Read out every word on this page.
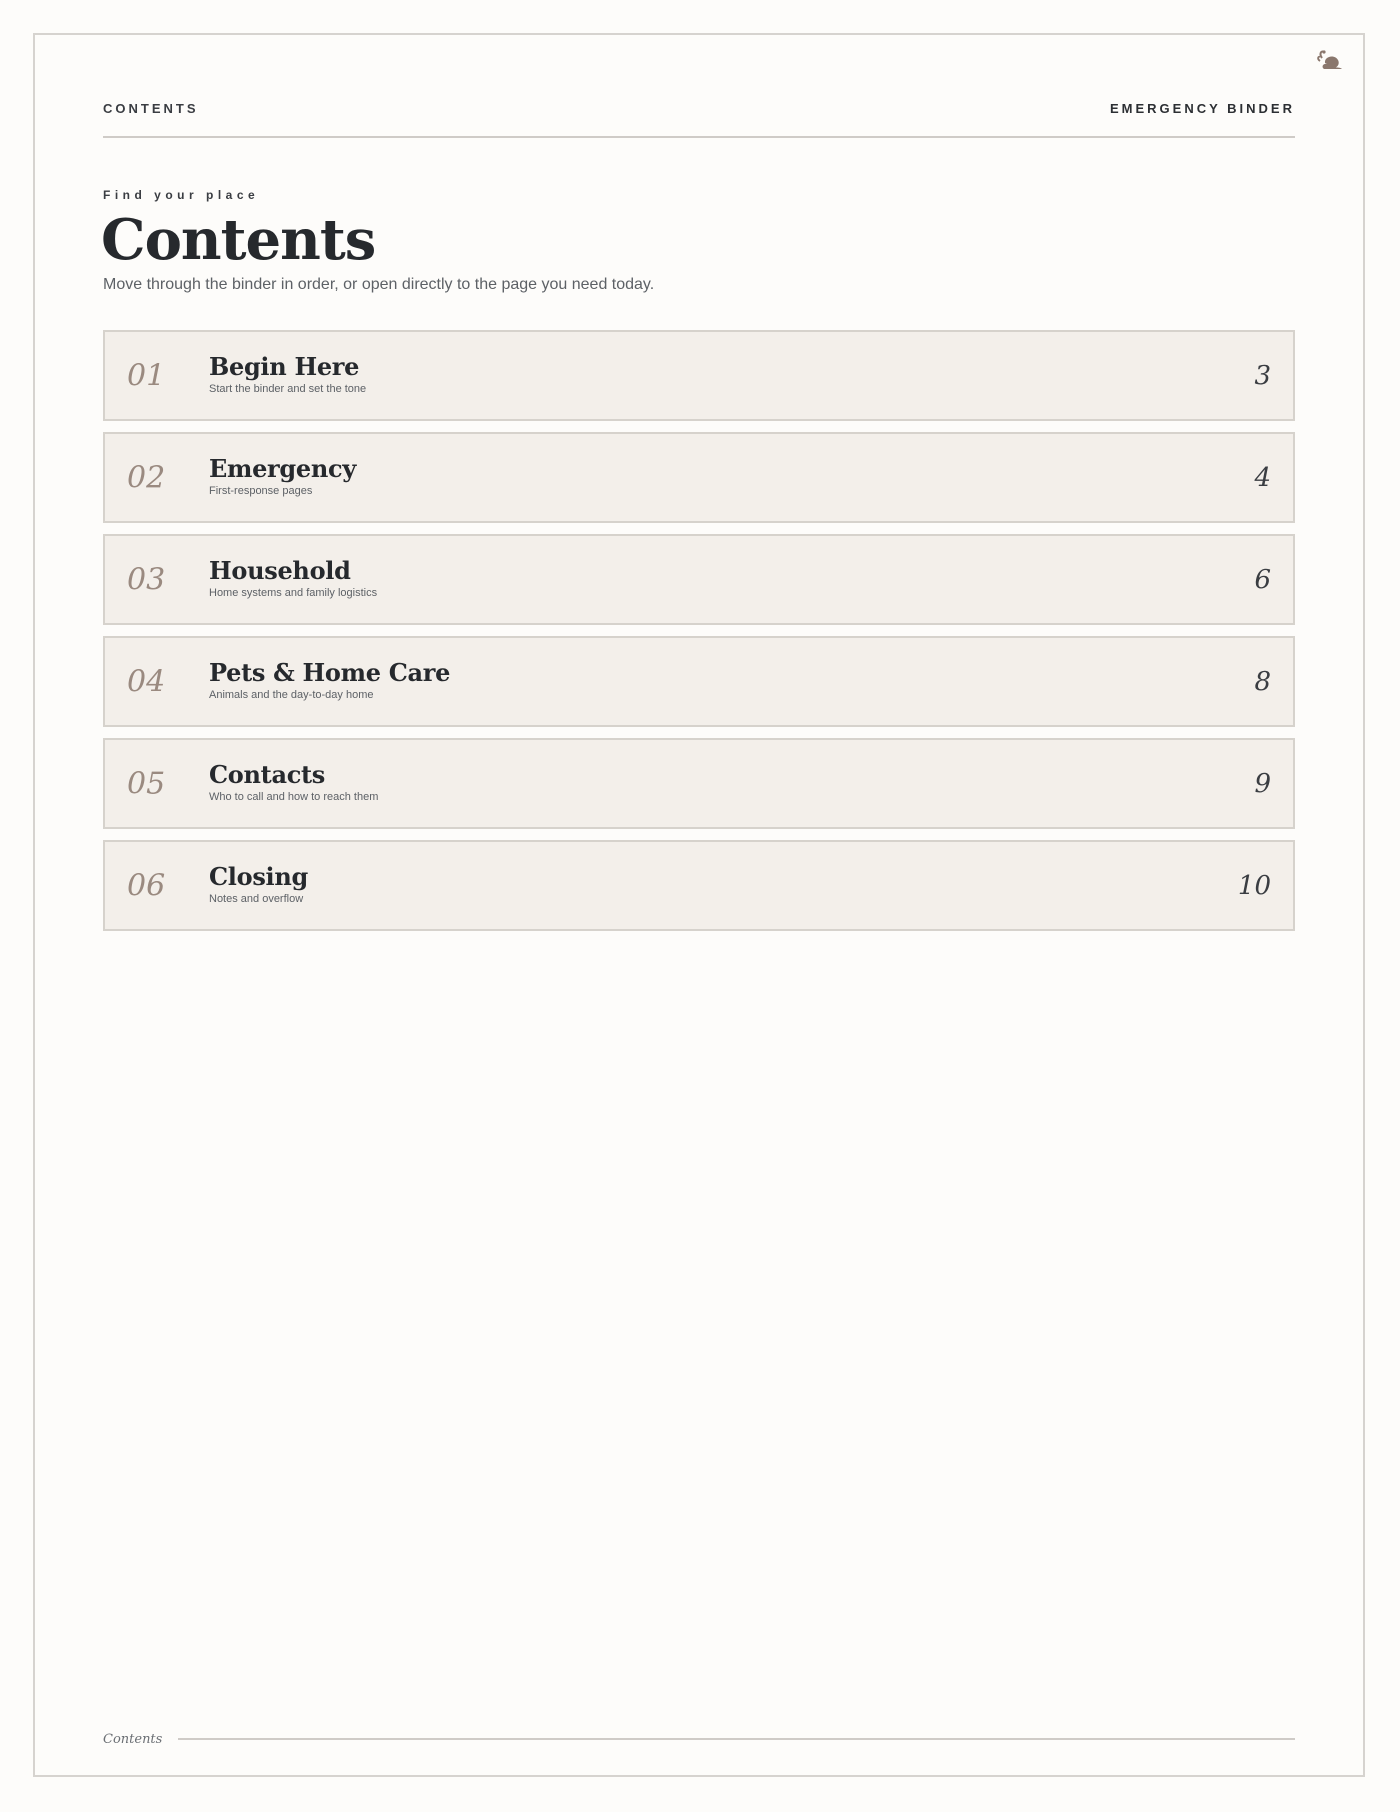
CONTENTS	EMERGENCY BINDER
Find your place
Contents
Move through the binder in order, or open directly to the page you need today.
01 Begin Here
Start the binder and set the tone	3
02 Emergency
First-response pages	4
03 Household
Home systems and family logistics	6
04 Pets & Home Care
Animals and the day-to-day home	8
05 Contacts
Who to call and how to reach them	9
06 Closing
Notes and overflow	10
Contents
